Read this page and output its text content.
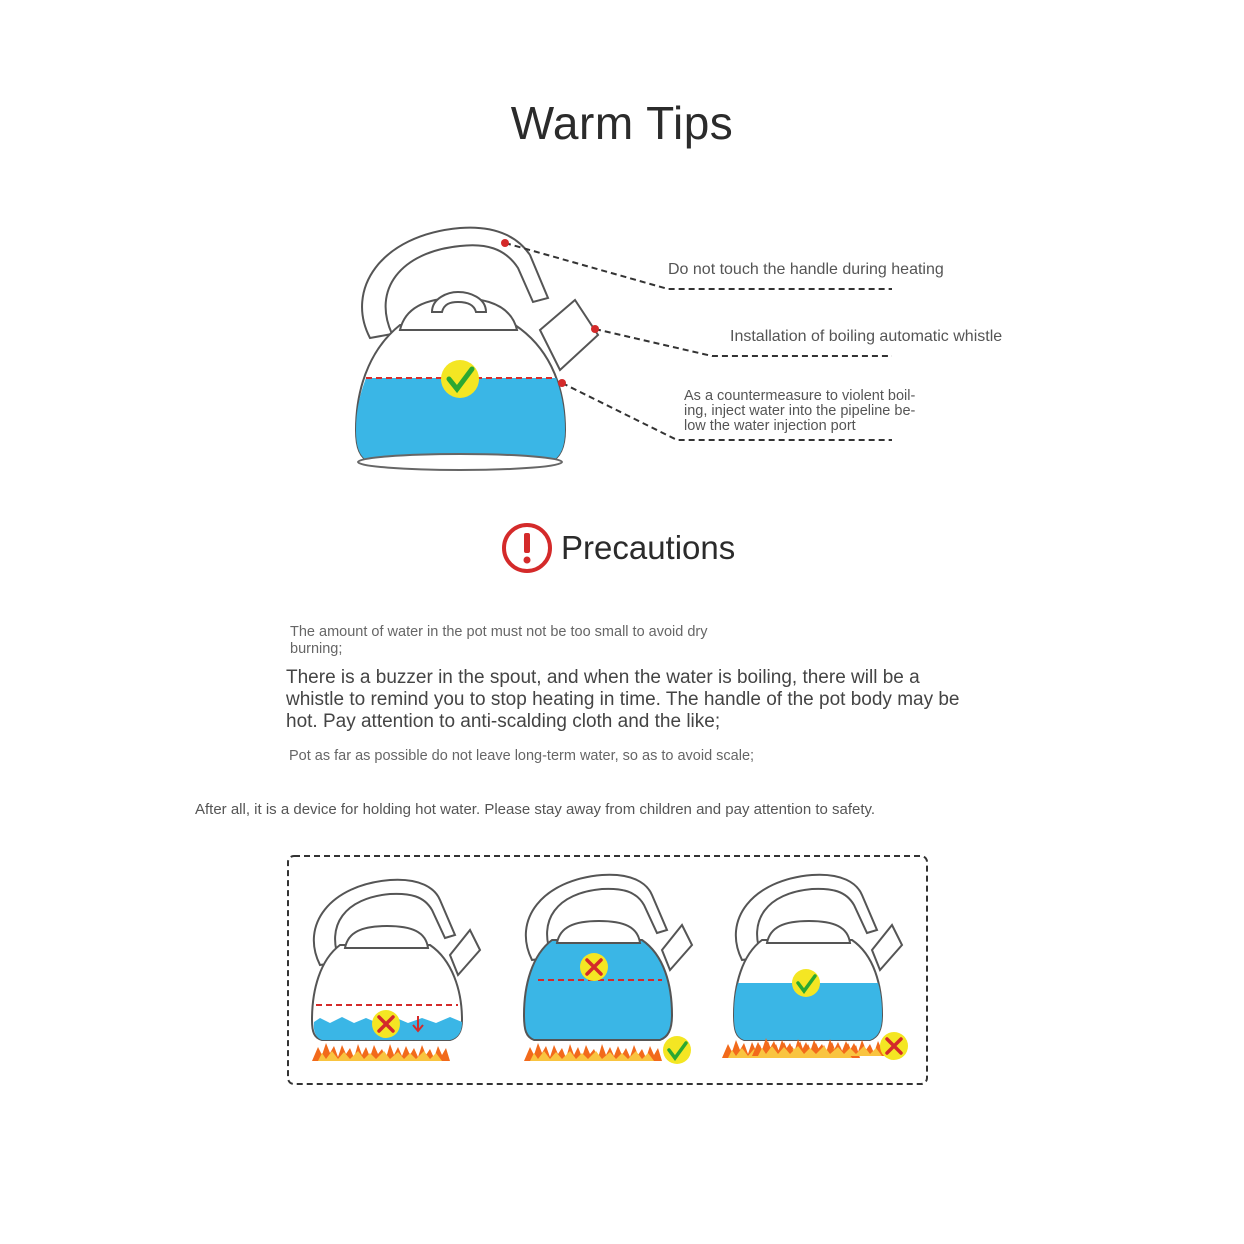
Warm Tips
Do not touch the handle during heating
Installation of boiling automatic whistle
As a countermeasure to violent boil-
ing, inject water into the pipeline be-
low the water injection port
Precautions
The amount of water in the pot must not be too small to avoid dry burning;
There is a buzzer in the spout, and when the water is boiling, there will be a whistle to remind you to stop heating in time. The handle of the pot body may be hot. Pay attention to anti-scalding cloth and the like;
Pot as far as possible do not leave long-term water, so as to avoid scale;
After all, it is a device for holding hot water. Please stay away from children and pay attention to safety.
